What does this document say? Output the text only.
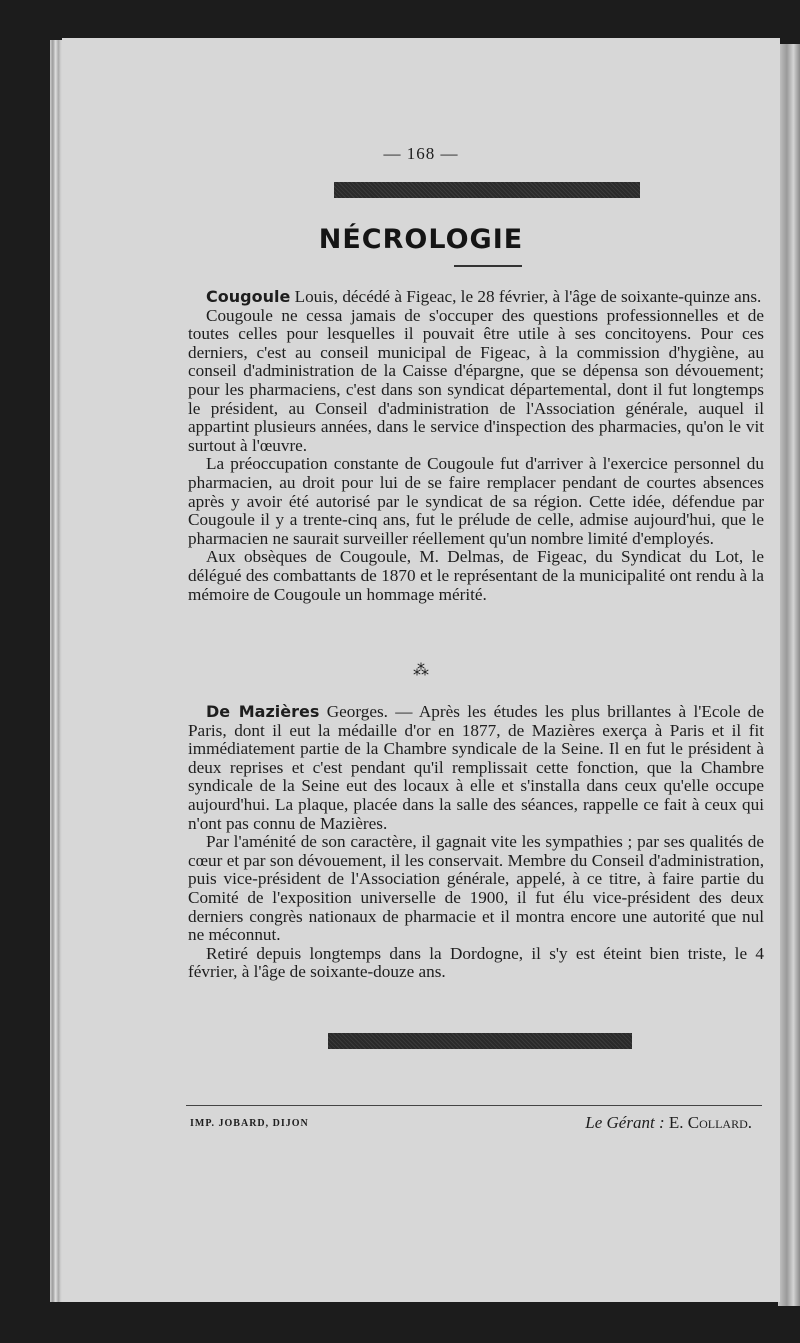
— 168 —
NÉCROLOGIE

Cougoule Louis, décédé à Figeac, le 28 février, à l'âge de soixante-quinze ans.

Cougoule ne cessa jamais de s'occuper des questions professionnelles et de toutes celles pour lesquelles il pouvait être utile à ses concitoyens. Pour ces derniers, c'est au conseil municipal de Figeac, à la commission d'hygiène, au conseil d'administration de la Caisse d'épargne, que se dépensa son dévouement; pour les pharmaciens, c'est dans son syndicat départemental, dont il fut longtemps le président, au Conseil d'administration de l'Association générale, auquel il appartint plusieurs années, dans le service d'inspection des pharmacies, qu'on le vit surtout à l'œuvre.

La préoccupation constante de Cougoule fut d'arriver à l'exercice personnel du pharmacien, au droit pour lui de se faire remplacer pendant de courtes absences après y avoir été autorisé par le syndicat de sa région. Cette idée, défendue par Cougoule il y a trente-cinq ans, fut le prélude de celle, admise aujourd'hui, que le pharmacien ne saurait surveiller réellement qu'un nombre limité d'employés.

Aux obsèques de Cougoule, M. Delmas, de Figeac, du Syndicat du Lot, le délégué des combattants de 1870 et le représentant de la municipalité ont rendu à la mémoire de Cougoule un hommage mérité.

⁂

De Mazières Georges. — Après les études les plus brillantes à l'Ecole de Paris, dont il eut la médaille d'or en 1877, de Mazières exerça à Paris et il fit immédiatement partie de la Chambre syndicale de la Seine. Il en fut le président à deux reprises et c'est pendant qu'il remplissait cette fonction, que la Chambre syndicale de la Seine eut des locaux à elle et s'installa dans ceux qu'elle occupe aujourd'hui. La plaque, placée dans la salle des séances, rappelle ce fait à ceux qui n'ont pas connu de Mazières.

Par l'aménité de son caractère, il gagnait vite les sympathies ; par ses qualités de cœur et par son dévouement, il les conservait. Membre du Conseil d'administration, puis vice-président de l'Association générale, appelé, à ce titre, à faire partie du Comité de l'exposition universelle de 1900, il fut élu vice-président des deux derniers congrès nationaux de pharmacie et il montra encore une autorité que nul ne méconnut.

Retiré depuis longtemps dans la Dordogne, il s'y est éteint bien triste, le 4 février, à l'âge de soixante-douze ans.

IMP. JOBARD, DIJON	Le Gérant : E. Collard.
